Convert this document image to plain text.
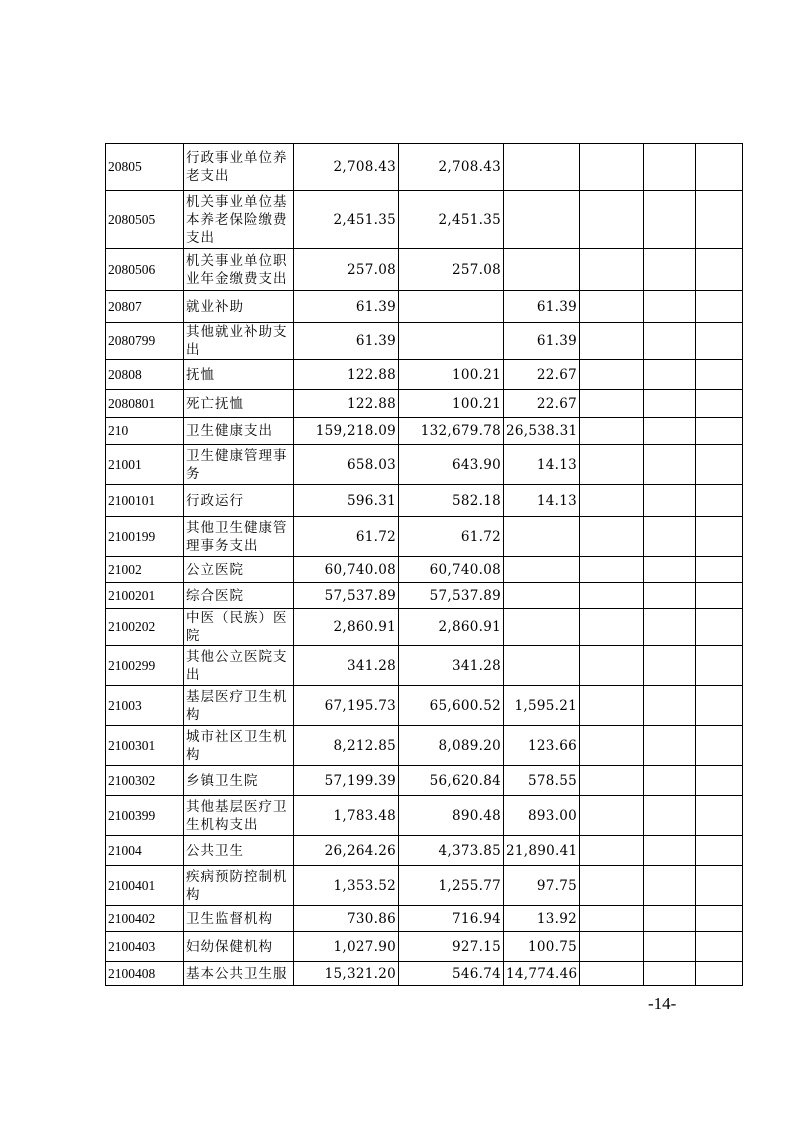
20805	行政事业单位养老支出	2,708.43	2,708.43				
2080505	机关事业单位基本养老保险缴费支出	2,451.35	2,451.35				
2080506	机关事业单位职业年金缴费支出	257.08	257.08				
20807	就业补助	61.39		61.39			
2080799	其他就业补助支出	61.39		61.39			
20808	抚恤	122.88	100.21	22.67			
2080801	死亡抚恤	122.88	100.21	22.67			
210	卫生健康支出	159,218.09	132,679.78	26,538.31			
21001	卫生健康管理事务	658.03	643.90	14.13			
2100101	行政运行	596.31	582.18	14.13			
2100199	其他卫生健康管理事务支出	61.72	61.72				
21002	公立医院	60,740.08	60,740.08				
2100201	综合医院	57,537.89	57,537.89				
2100202	中医（民族）医院	2,860.91	2,860.91				
2100299	其他公立医院支出	341.28	341.28				
21003	基层医疗卫生机构	67,195.73	65,600.52	1,595.21			
2100301	城市社区卫生机构	8,212.85	8,089.20	123.66			
2100302	乡镇卫生院	57,199.39	56,620.84	578.55			
2100399	其他基层医疗卫生机构支出	1,783.48	890.48	893.00			
21004	公共卫生	26,264.26	4,373.85	21,890.41			
2100401	疾病预防控制机构	1,353.52	1,255.77	97.75			
2100402	卫生监督机构	730.86	716.94	13.92			
2100403	妇幼保健机构	1,027.90	927.15	100.75			
2100408	基本公共卫生服	15,321.20	546.74	14,774.46			
-14-
